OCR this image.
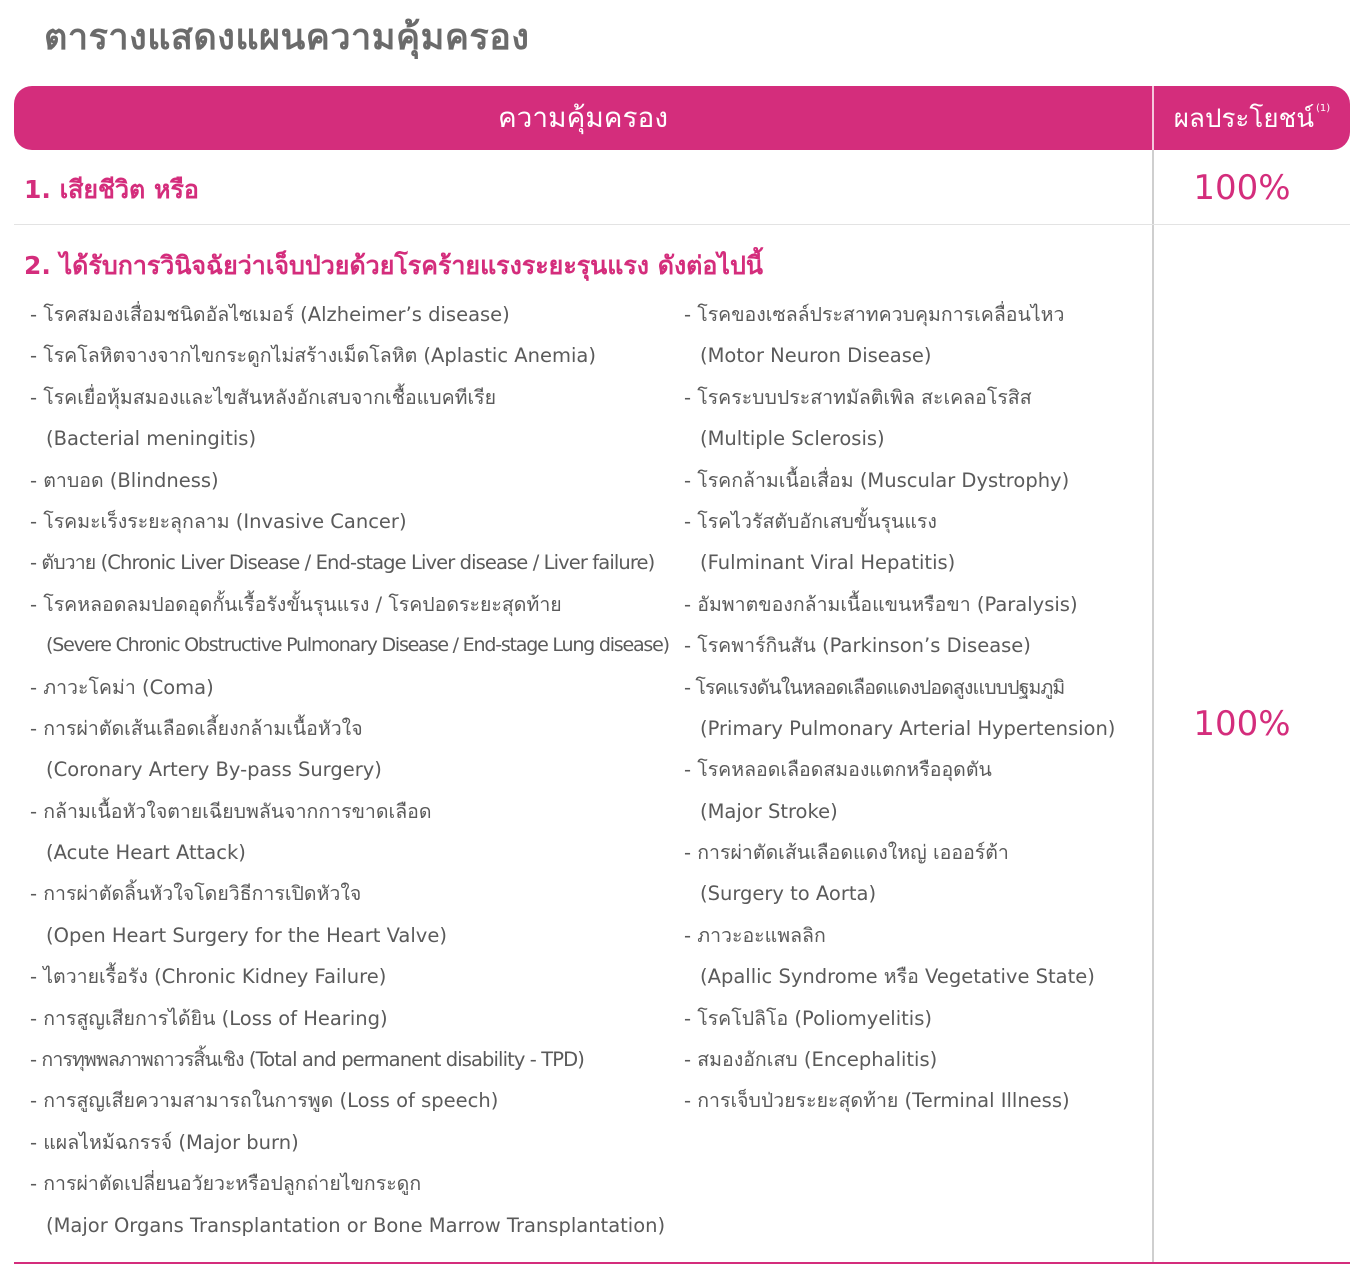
ตารางแสดงแผนความคุ้มครอง
ความคุ้มครอง	ผลประโยชน์$^{(1)}$
1. เสียชีวิต หรือ	100%
2. ได้รับการวินิจฉัยว่าเจ็บป่วยด้วยโรคร้ายแรงระยะรุนแรง ดังต่อไปนี้
100%
- โรคสมองเสื่อมชนิดอัลไซเมอร์ (Alzheimer’s disease)
- โรคโลหิตจางจากไขกระดูกไม่สร้างเม็ดโลหิต (Aplastic Anemia)
- โรคเยื่อหุ้มสมองและไขสันหลังอักเสบจากเชื้อแบคทีเรีย
(Bacterial meningitis)
- ตาบอด (Blindness)
- โรคมะเร็งระยะลุกลาม (Invasive Cancer)
- ตับวาย (Chronic Liver Disease / End-stage Liver disease / Liver failure)
- โรคหลอดลมปอดอุดกั้นเรื้อรังขั้นรุนแรง / โรคปอดระยะสุดท้าย
(Severe Chronic Obstructive Pulmonary Disease / End-stage Lung disease)
- ภาวะโคม่า (Coma)
- การผ่าตัดเส้นเลือดเลี้ยงกล้ามเนื้อหัวใจ
(Coronary Artery By-pass Surgery)
- กล้ามเนื้อหัวใจตายเฉียบพลันจากการขาดเลือด
(Acute Heart Attack)
- การผ่าตัดลิ้นหัวใจโดยวิธีการเปิดหัวใจ
(Open Heart Surgery for the Heart Valve)
- ไตวายเรื้อรัง (Chronic Kidney Failure)
- การสูญเสียการได้ยิน (Loss of Hearing)
- การทุพพลภาพถาวรสิ้นเชิง (Total and permanent disability - TPD)
- การสูญเสียความสามารถในการพูด (Loss of speech)
- แผลไหม้ฉกรรจ์ (Major burn)
- การผ่าตัดเปลี่ยนอวัยวะหรือปลูกถ่ายไขกระดูก
(Major Organs Transplantation or Bone Marrow Transplantation)
- โรคของเซลล์ประสาทควบคุมการเคลื่อนไหว
(Motor Neuron Disease)
- โรคระบบประสาทมัลติเพิล สะเคลอโรสิส
(Multiple Sclerosis)
- โรคกล้ามเนื้อเสื่อม (Muscular Dystrophy)
- โรคไวรัสตับอักเสบขั้นรุนแรง
(Fulminant Viral Hepatitis)
- อัมพาตของกล้ามเนื้อแขนหรือขา (Paralysis)
- โรคพาร์กินสัน (Parkinson’s Disease)
- โรคแรงดันในหลอดเลือดแดงปอดสูงแบบปฐมภูมิ
(Primary Pulmonary Arterial Hypertension)
- โรคหลอดเลือดสมองแตกหรืออุดตัน
(Major Stroke)
- การผ่าตัดเส้นเลือดแดงใหญ่ เอออร์ต้า
(Surgery to Aorta)
- ภาวะอะแพลลิก
(Apallic Syndrome หรือ Vegetative State)
- โรคโปลิโอ (Poliomyelitis)
- สมองอักเสบ (Encephalitis)
- การเจ็บป่วยระยะสุดท้าย (Terminal Illness)
